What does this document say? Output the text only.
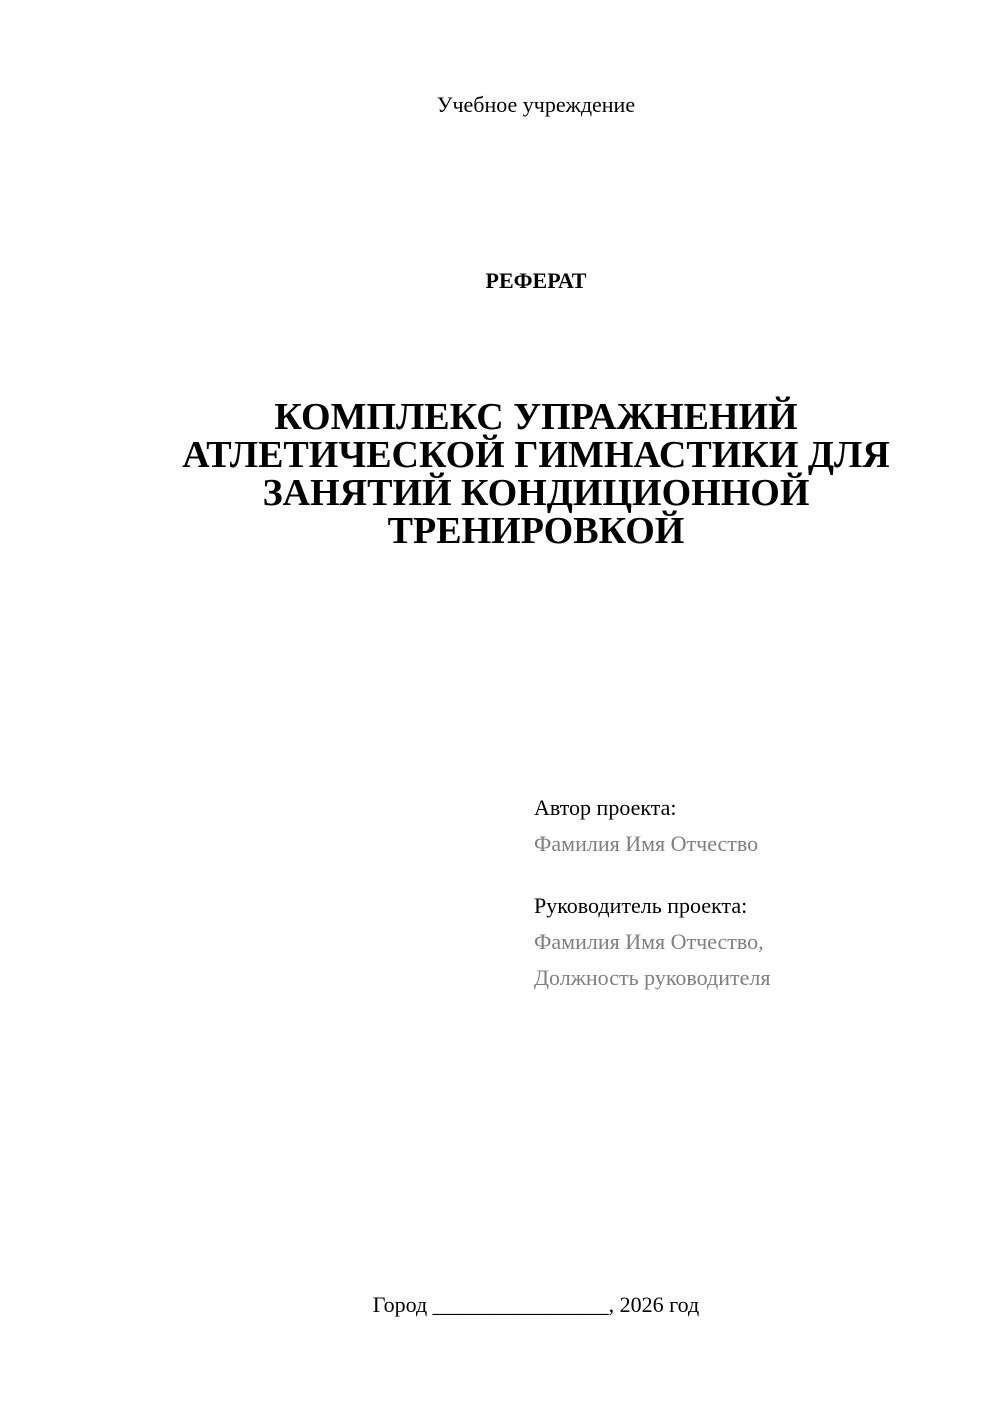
Учебное учреждение
РЕФЕРАТ
КОМПЛЕКС УПРАЖНЕНИЙ
АТЛЕТИЧЕСКОЙ ГИМНАСТИКИ ДЛЯ
ЗАНЯТИЙ КОНДИЦИОННОЙ
ТРЕНИРОВКОЙ
Автор проекта:
Фамилия Имя Отчество
Руководитель проекта:
Фамилия Имя Отчество,
Должность руководителя
Город ________________, 2026 год
